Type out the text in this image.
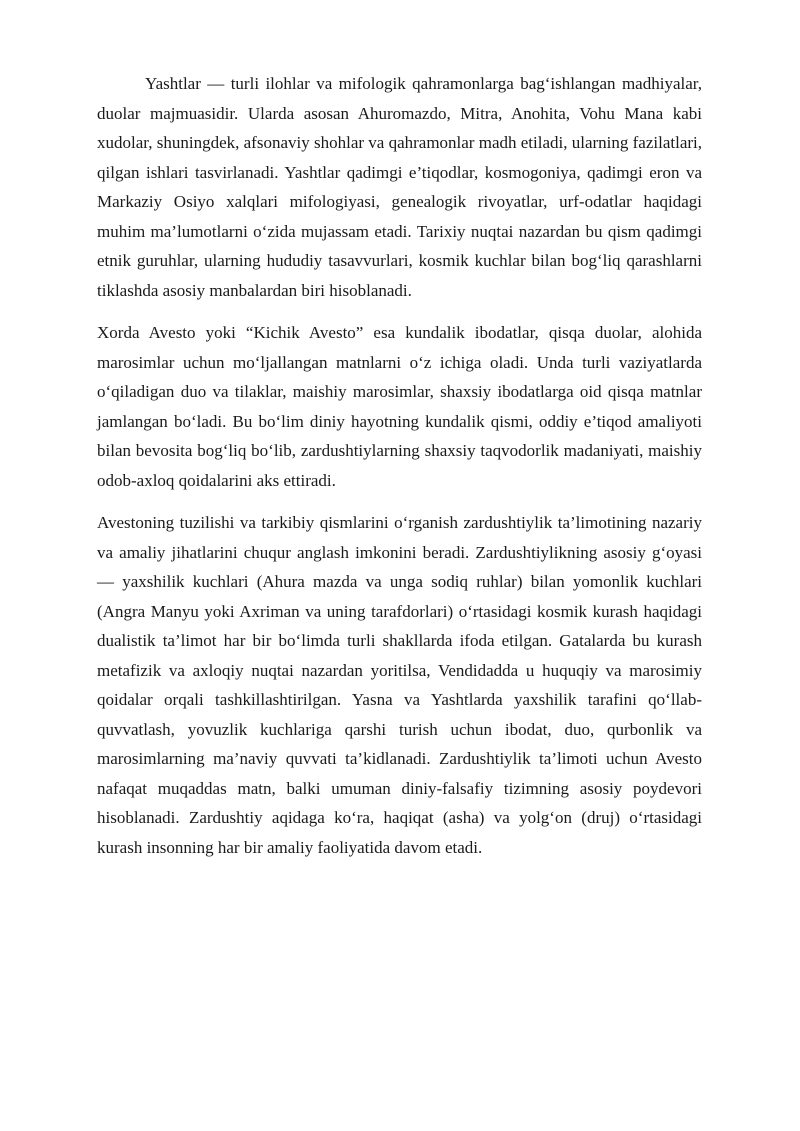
Yashtlar — turli ilohlar va mifologik qahramonlarga bag‘ishlangan madhiyalar, duolar majmuasidir. Ularda asosan Ahuromazdo, Mitra, Anohita, Vohu Mana kabi xudolar, shuningdek, afsonaviy shohlar va qahramonlar madh etiladi, ularning fazilatlari, qilgan ishlari tasvirlanadi. Yashtlar qadimgi e’tiqodlar, kosmogoniya, qadimgi eron va Markaziy Osiyo xalqlari mifologiyasi, genealogik rivoyatlar, urf-odatlar haqidagi muhim ma’lumotlarni o‘zida mujassam etadi. Tarixiy nuqtai nazardan bu qism qadimgi etnik guruhlar, ularning hududiy tasavvurlari, kosmik kuchlar bilan bog‘liq qarashlarni tiklashda asosiy manbalardan biri hisoblanadi.

Xorda Avesto yoki “Kichik Avesto” esa kundalik ibodatlar, qisqa duolar, alohida marosimlar uchun mo‘ljallangan matnlarni o‘z ichiga oladi. Unda turli vaziyatlarda o‘qiladigan duo va tilaklar, maishiy marosimlar, shaxsiy ibodatlarga oid qisqa matnlar jamlangan bo‘ladi. Bu bo‘lim diniy hayotning kundalik qismi, oddiy e’tiqod amaliyoti bilan bevosita bog‘liq bo‘lib, zardushtiylarning shaxsiy taqvodorlik madaniyati, maishiy odob-axloq qoidalarini aks ettiradi.

Avestoning tuzilishi va tarkibiy qismlarini o‘rganish zardushtiylik ta’limotining nazariy va amaliy jihatlarini chuqur anglash imkonini beradi. Zardushtiylikning asosiy g‘oyasi — yaxshilik kuchlari (Ahura mazda va unga sodiq ruhlar) bilan yomonlik kuchlari (Angra Manyu yoki Axriman va uning tarafdorlari) o‘rtasidagi kosmik kurash haqidagi dualistik ta’limot har bir bo‘limda turli shakllarda ifoda etilgan. Gatalarda bu kurash metafizik va axloqiy nuqtai nazardan yoritilsa, Vendidadda u huquqiy va marosimiy qoidalar orqali tashkillashtirilgan. Yasna va Yashtlarda yaxshilik tarafini qo‘llab-quvvatlash, yovuzlik kuchlariga qarshi turish uchun ibodat, duo, qurbonlik va marosimlarning ma’naviy quvvati ta’kidlanadi. Zardushtiylik ta’limoti uchun Avesto nafaqat muqaddas matn, balki umuman diniy-falsafiy tizimning asosiy poydevori hisoblanadi. Zardushtiy aqidaga ko‘ra, haqiqat (asha) va yolg‘on (druj) o‘rtasidagi kurash insonning har bir amaliy faoliyatida davom etadi.
